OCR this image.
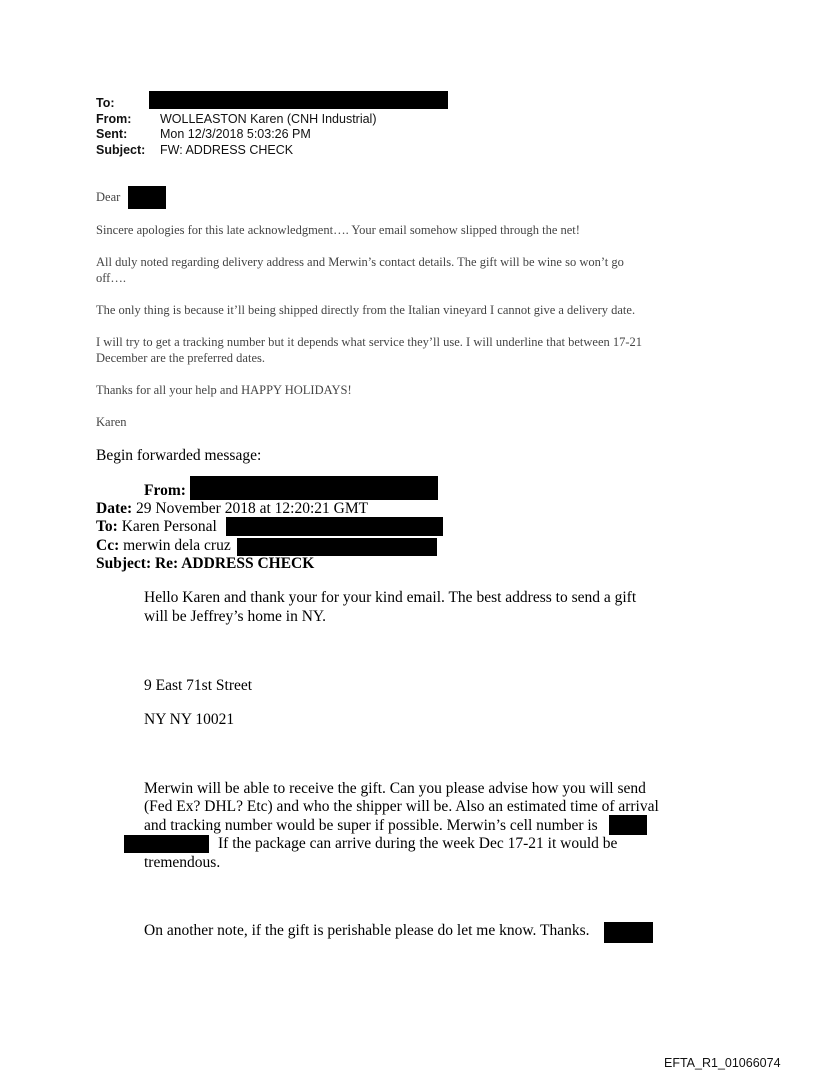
To:
From: WOLLEASTON Karen (CNH Industrial)
Sent:	Mon 12/3/2018 5:03:26 PM
Subject: FW: ADDRESS CHECK
Dear
Sincere apologies for this late acknowledgment…. Your email somehow slipped through the net!
All duly noted regarding delivery address and Merwin’s contact details. The gift will be wine so won’t go
off….
The only thing is because it’ll being shipped directly from the Italian vineyard I cannot give a delivery date.
I will try to get a tracking number but it depends what service they’ll use. I will underline that between 17-21
December are the preferred dates.
Thanks for all your help and HAPPY HOLIDAYS!
Karen
Begin forwarded message:
From:
Date: 29 November 2018 at 12:20:21 GMT
To: Karen Personal
Cc: merwin dela cruz
Subject: Re: ADDRESS CHECK
Hello Karen and thank your for your kind email. The best address to send a gift
will be Jeffrey’s home in NY.
9 East 71st Street
NY NY 10021
Merwin will be able to receive the gift. Can you please advise how you will send
(Fed Ex? DHL? Etc) and who the shipper will be. Also an estimated time of arrival
and tracking number would be super if possible. Merwin’s cell number is
If the package can arrive during the week Dec 17-21 it would be
tremendous.
On another note, if the gift is perishable please do let me know. Thanks.
EFTA_R1_01066074
